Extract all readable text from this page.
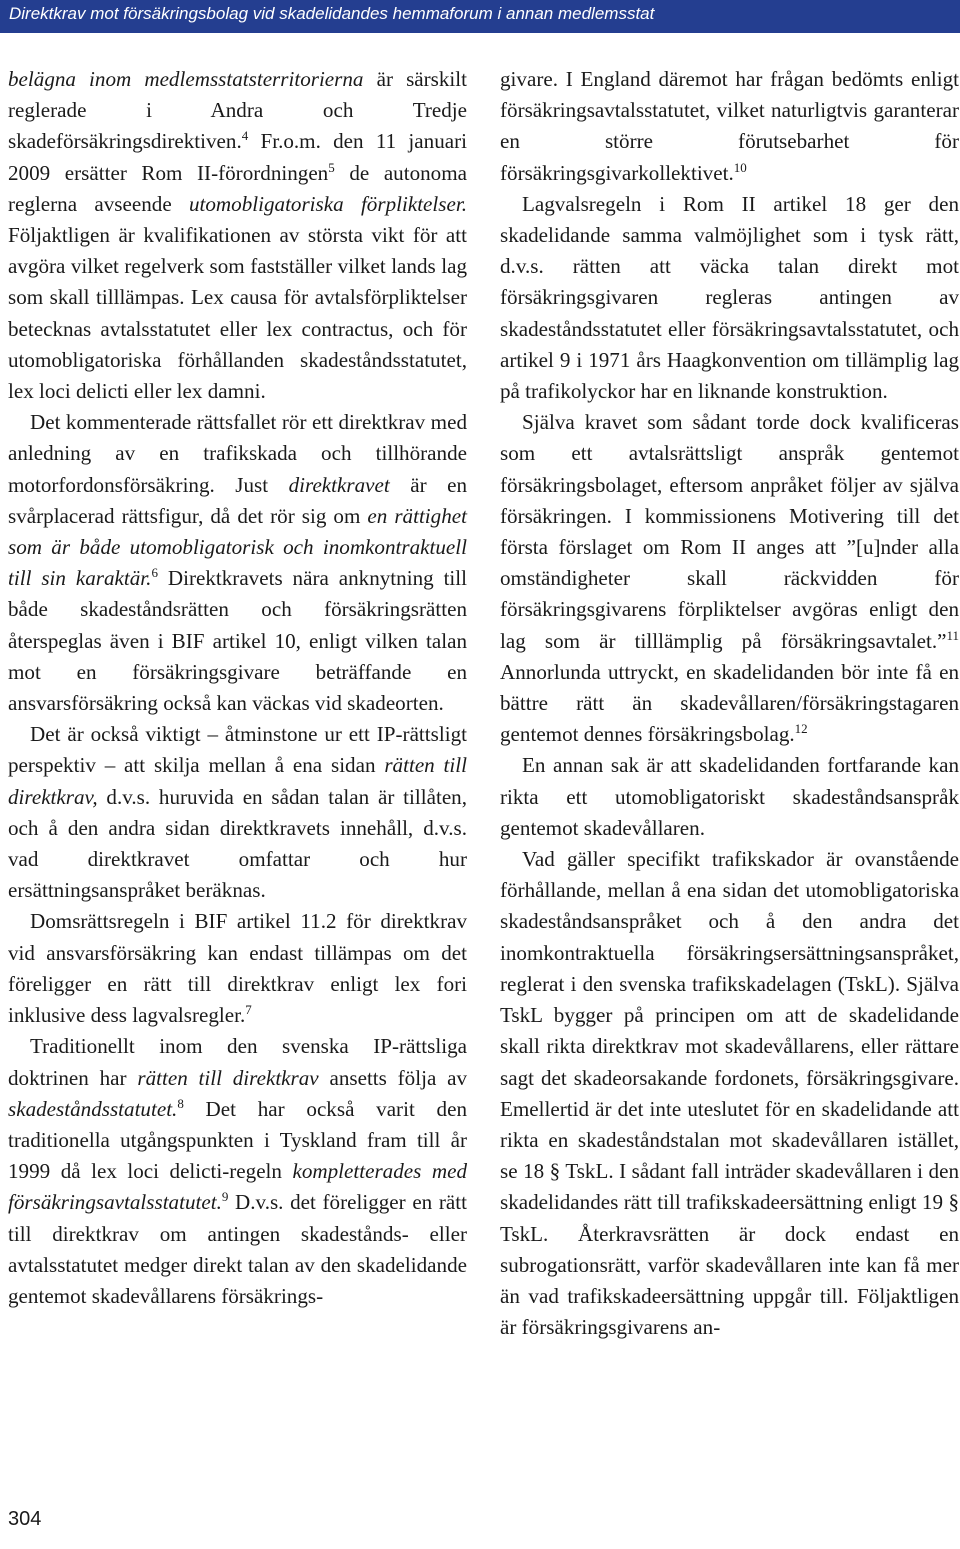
Direktkrav mot försäkringsbolag vid skadelidandes hemmaforum i annan medlemsstat

belägna inom medlemsstatsterritorierna är särskilt reglerade i Andra och Tredje skadeförsäkringsdirektiven.$^4$ Fr.o.m. den 11 januari 2009 ersätter Rom II-förordningen$^5$ de autonoma reglerna avseende utomobligatoriska förpliktelser. Följaktligen är kvalifikationen av största vikt för att avgöra vilket regelverk som fastställer vilket lands lag som skall tilllämpas. Lex causa för avtalsförpliktelser betecknas avtalsstatutet eller lex contractus, och för utomobligatoriska förhållanden skadeståndsstatutet, lex loci delicti eller lex damni.

Det kommenterade rättsfallet rör ett direktkrav med anledning av en trafikskada och tillhörande motorfordonsförsäkring. Just direktkravet är en svårplacerad rättsfigur, då det rör sig om en rättighet som är både utomobligatorisk och inomkontraktuell till sin karaktär.$^6$ Direktkravets nära anknytning till både skadeståndsrätten och försäkringsrätten återspeglas även i BIF artikel 10, enligt vilken talan mot en försäkringsgivare beträffande en ansvarsförsäkring också kan väckas vid skadeorten.

Det är också viktigt – åtminstone ur ett IP-rättsligt perspektiv – att skilja mellan å ena sidan rätten till direktkrav, d.v.s. huruvida en sådan talan är tillåten, och å den andra sidan direktkravets innehåll, d.v.s. vad direktkravet omfattar och hur ersättningsanspråket beräknas.

Domsrättsregeln i BIF artikel 11.2 för direktkrav vid ansvarsförsäkring kan endast tillämpas om det föreligger en rätt till direktkrav enligt lex fori inklusive dess lagvalsregler.$^7$

Traditionellt inom den svenska IP-rättsliga doktrinen har rätten till direktkrav ansetts följa av skadeståndsstatutet.$^8$ Det har också varit den traditionella utgångspunkten i Tyskland fram till år 1999 då lex loci delicti-regeln kompletterades med försäkringsavtalsstatutet.$^9$ D.v.s. det föreligger en rätt till direktkrav om antingen skadestånds- eller avtalsstatutet medger direkt talan av den skadelidande gentemot skadevållarens försäkrings-

givare. I England däremot har frågan bedömts enligt försäkringsavtalsstatutet, vilket naturligtvis garanterar en större förutsebarhet för försäkringsgivarkollektivet.$^{10}$

Lagvalsregeln i Rom II artikel 18 ger den skadelidande samma valmöjlighet som i tysk rätt, d.v.s. rätten att väcka talan direkt mot försäkringsgivaren regleras antingen av skadeståndsstatutet eller försäkringsavtalsstatutet, och artikel 9 i 1971 års Haagkonvention om tillämplig lag på trafikolyckor har en liknande konstruktion.

Själva kravet som sådant torde dock kvalificeras som ett avtalsrättsligt anspråk gentemot försäkringsbolaget, eftersom anpråket följer av själva försäkringen. I kommissionens Motivering till det första förslaget om Rom II anges att ”[u]nder alla omständigheter skall räckvidden för försäkringsgivarens förpliktelser avgöras enligt den lag som är tilllämplig på försäkringsavtalet.”$^{11}$ Annorlunda uttryckt, en skadelidanden bör inte få en bättre rätt än skadevållaren/försäkringstagaren gentemot dennes försäkringsbolag.$^{12}$

En annan sak är att skadelidanden fortfarande kan rikta ett utomobligatoriskt skadeståndsanspråk gentemot skadevållaren.

Vad gäller specifikt trafikskador är ovanstående förhållande, mellan å ena sidan det utomobligatoriska skadeståndsanspråket och å den andra det inomkontraktuella försäkringsersättningsanspråket, reglerat i den svenska trafikskadelagen (TskL). Själva TskL bygger på principen om att de skadelidande skall rikta direktkrav mot skadevållarens, eller rättare sagt det skadeorsakande fordonets, försäkringsgivare. Emellertid är det inte uteslutet för en skadelidande att rikta en skadeståndstalan mot skadevållaren istället, se 18 § TskL. I sådant fall inträder skadevållaren i den skadelidandes rätt till trafikskadeersättning enligt 19 § TskL. Återkravsrätten är dock endast en subrogationsrätt, varför skadevållaren inte kan få mer än vad trafikskadeersättning uppgår till. Följaktligen är försäkringsgivarens an-

304
